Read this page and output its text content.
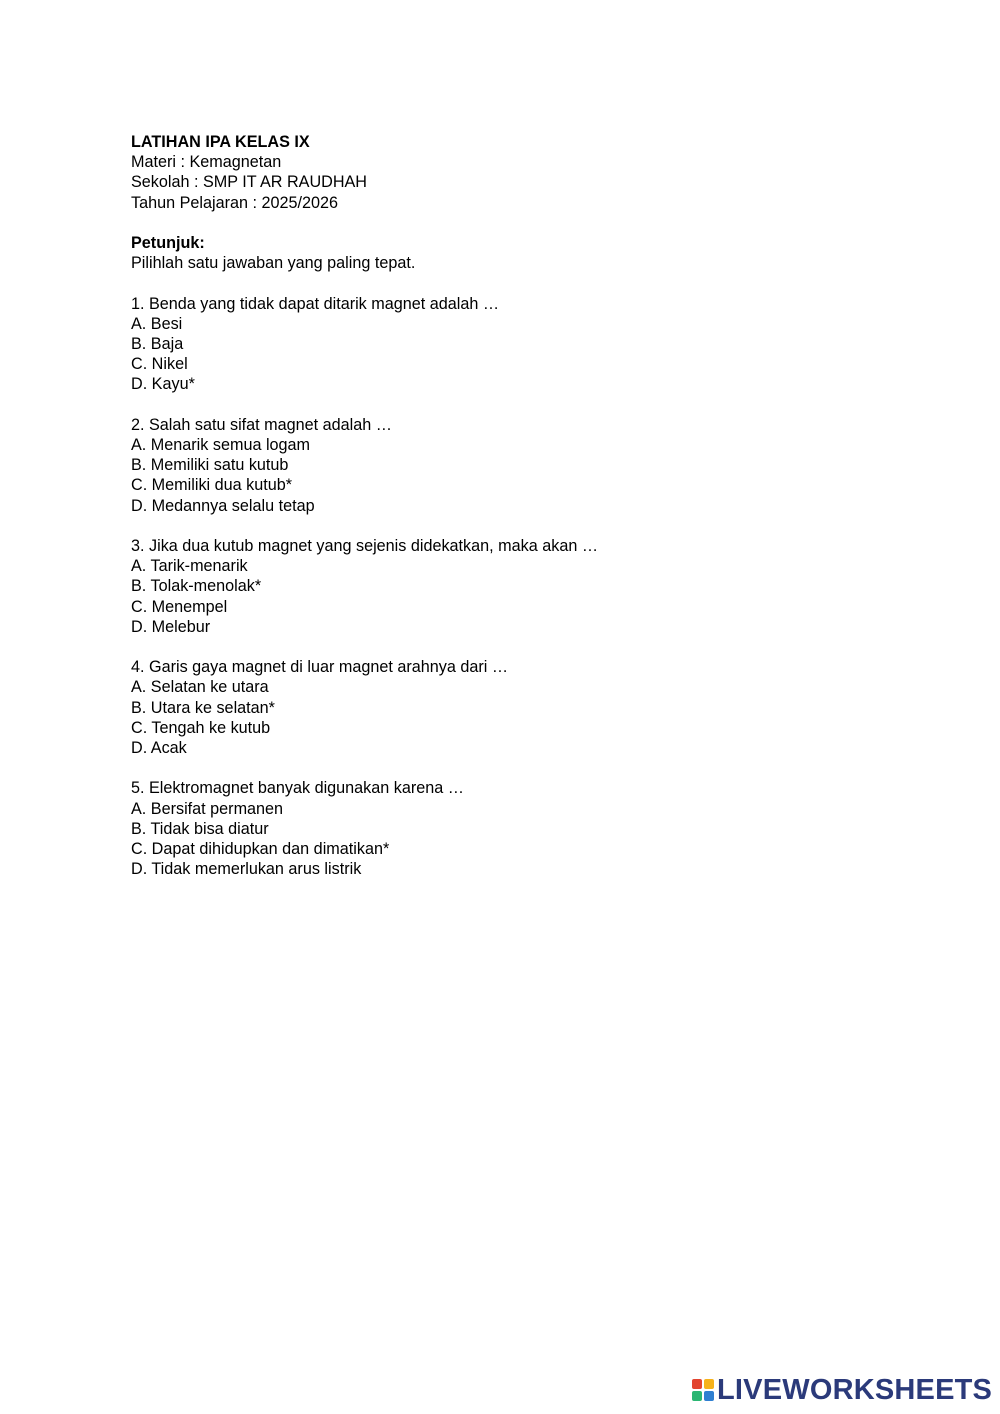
LATIHAN IPA KELAS IX

Materi : Kemagnetan

Sekolah : SMP IT AR RAUDHAH

Tahun Pelajaran : 2025/2026

Petunjuk:

Pilihlah satu jawaban yang paling tepat.

1. Benda yang tidak dapat ditarik magnet adalah …

A. Besi

B. Baja

C. Nikel

D. Kayu*

2. Salah satu sifat magnet adalah …

A. Menarik semua logam

B. Memiliki satu kutub

C. Memiliki dua kutub*

D. Medannya selalu tetap

3. Jika dua kutub magnet yang sejenis didekatkan, maka akan …

A. Tarik-menarik

B. Tolak-menolak*

C. Menempel

D. Melebur

4. Garis gaya magnet di luar magnet arahnya dari …

A. Selatan ke utara

B. Utara ke selatan*

C. Tengah ke kutub

D. Acak

5. Elektromagnet banyak digunakan karena …

A. Bersifat permanen

B. Tidak bisa diatur

C. Dapat dihidupkan dan dimatikan*

D. Tidak memerlukan arus listrik

LIVEWORKSHEETS
